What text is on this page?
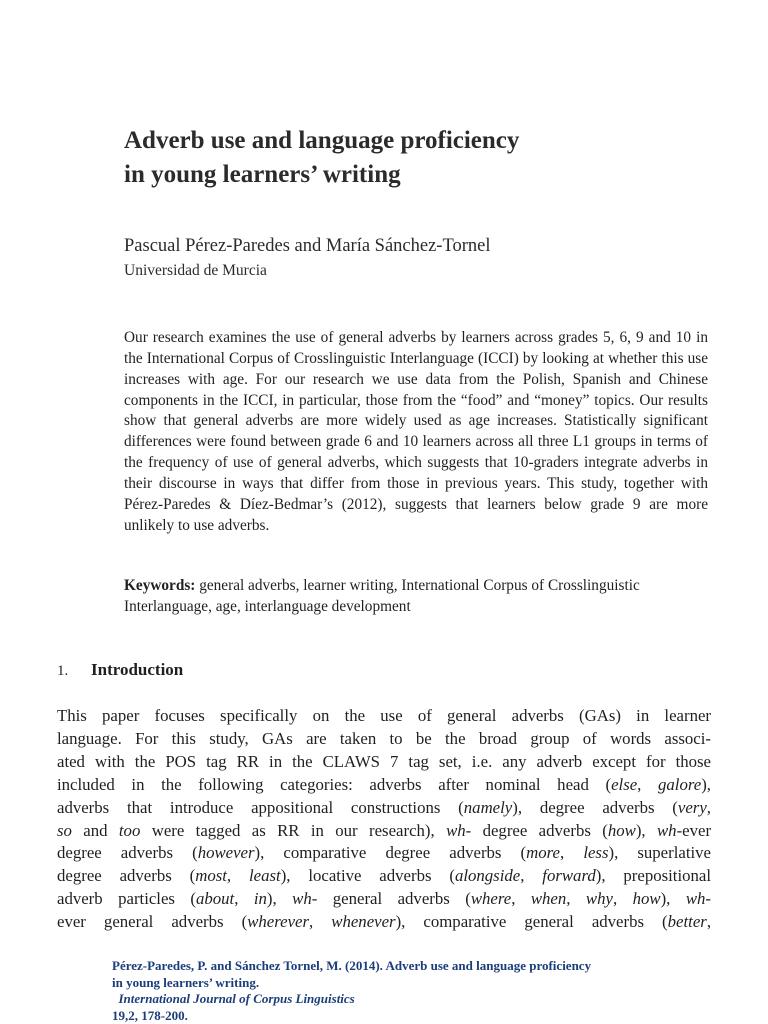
Adverb use and language proficiency
in young learners’ writing
Pascual Pérez-Paredes and María Sánchez-Tornel
Universidad de Murcia

Our research examines the use of general adverbs by learners across grades 5, 6, 9 and 10 in the International Corpus of Crosslinguistic Interlanguage (ICCI) by looking at whether this use increases with age. For our research we use data from the Polish, Spanish and Chinese components in the ICCI, in particular, those from the “food” and “money” topics. Our results show that general adverbs are more widely used as age increases. Statistically significant differences were found between grade 6 and 10 learners across all three L1 groups in terms of the frequency of use of general adverbs, which suggests that 10-graders integrate adverbs in their discourse in ways that differ from those in previous years. This study, together with Pérez-Paredes & Díez-Bedmar’s (2012), suggests that learners below grade 9 are more unlikely to use adverbs.

Keywords: general adverbs, learner writing, International Corpus of Crosslinguistic Interlanguage, age, interlanguage development

1. Introduction
This paper focuses specifically on the use of general adverbs (GAs) in learner
language. For this study, GAs are taken to be the broad group of words associ-
ated with the POS tag RR in the CLAWS 7 tag set, i.e. any adverb except for those
included in the following categories: adverbs after nominal head (else, galore),
adverbs that introduce appositional constructions (namely), degree adverbs (very,
so and too were tagged as RR in our research), wh- degree adverbs (how), wh-ever
degree adverbs (however), comparative degree adverbs (more, less), superlative
degree adverbs (most, least), locative adverbs (alongside, forward), prepositional
adverb particles (about, in), wh- general adverbs (where, when, why, how), wh-
ever general adverbs (wherever, whenever), comparative general adverbs (better,

Pérez-Paredes, P. and Sánchez Tornel, M. (2014). Adverb use and language proficiency
in young learners’ writing.
International Journal of Corpus Linguistics
19,2, 178-200.
